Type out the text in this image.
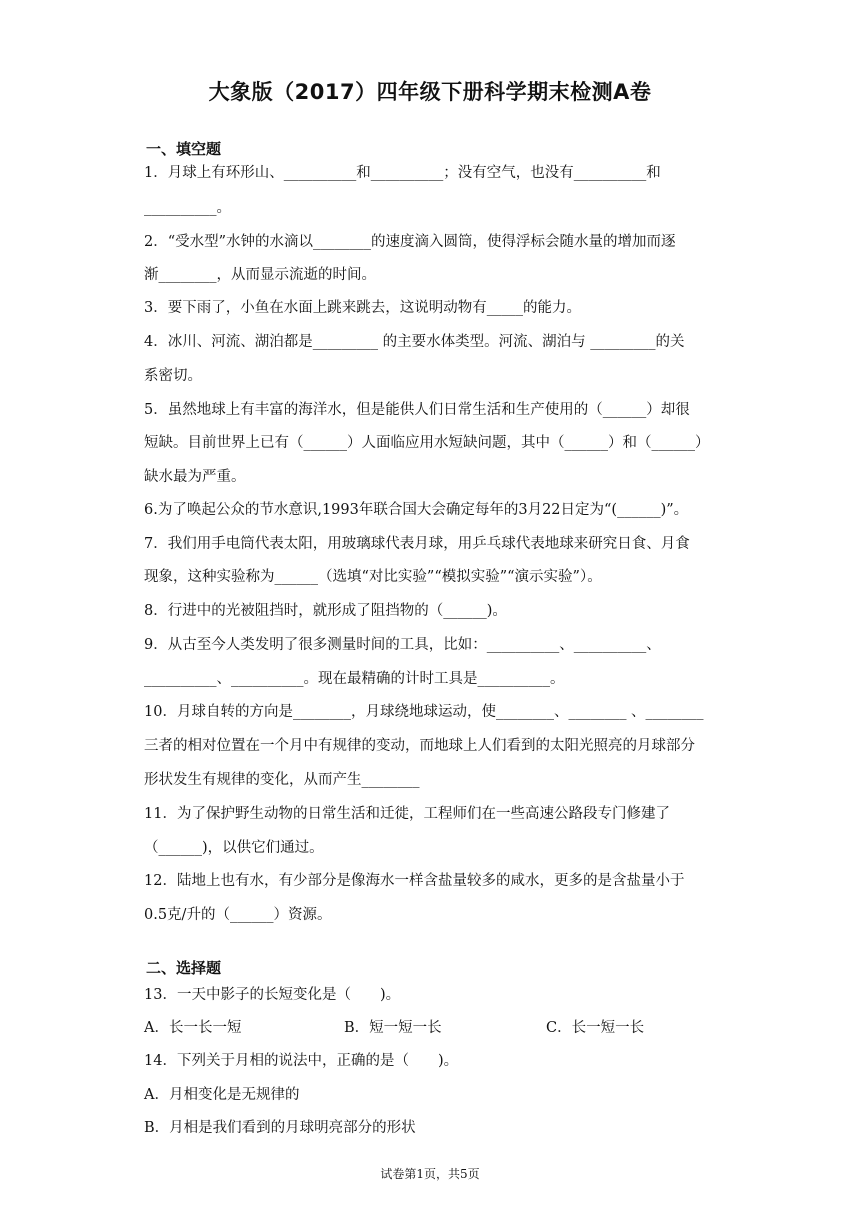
大象版（2017）四年级下册科学期末检测A卷
一、填空题
1．月球上有环形山、__________和__________；没有空气，也没有__________和
__________。
2．“受水型”水钟的水滴以________的速度滴入圆筒，使得浮标会随水量的增加而逐
渐________，从而显示流逝的时间。
3．要下雨了，小鱼在水面上跳来跳去，这说明动物有_____的能力。
4．冰川、河流、湖泊都是_________ 的主要水体类型。河流、湖泊与 _________的关
系密切。
5．虽然地球上有丰富的海洋水，但是能供人们日常生活和生产使用的（______）却很
短缺。目前世界上已有（______）人面临应用水短缺问题，其中（______）和（______）
缺水最为严重。
6.为了唤起公众的节水意识,1993年联合国大会确定每年的3月22日定为“(______)”。
7．我们用手电筒代表太阳，用玻璃球代表月球，用乒乓球代表地球来研究日食、月食
现象，这种实验称为______（选填“对比实验”“模拟实验”“演示实验”）。
8．行进中的光被阻挡时，就形成了阻挡物的（______)。
9．从古至今人类发明了很多测量时间的工具，比如：__________、__________、
__________、__________。现在最精确的计时工具是__________。
10．月球自转的方向是________，月球绕地球运动，使________、________ 、________
三者的相对位置在一个月中有规律的变动，而地球上人们看到的太阳光照亮的月球部分
形状发生有规律的变化，从而产生________
11．为了保护野生动物的日常生活和迁徙，工程师们在一些高速公路段专门修建了
（______)，以供它们通过。
12．陆地上也有水，有少部分是像海水一样含盐量较多的咸水，更多的是含盐量小于
0.5克/升的（______）资源。
二、选择题
13．一天中影子的长短变化是（　　)。
A．长一长一短	B．短一短一长	C．长一短一长
14．下列关于月相的说法中，正确的是（　　)。
A．月相变化是无规律的
B．月相是我们看到的月球明亮部分的形状
试卷第1页，共5页
